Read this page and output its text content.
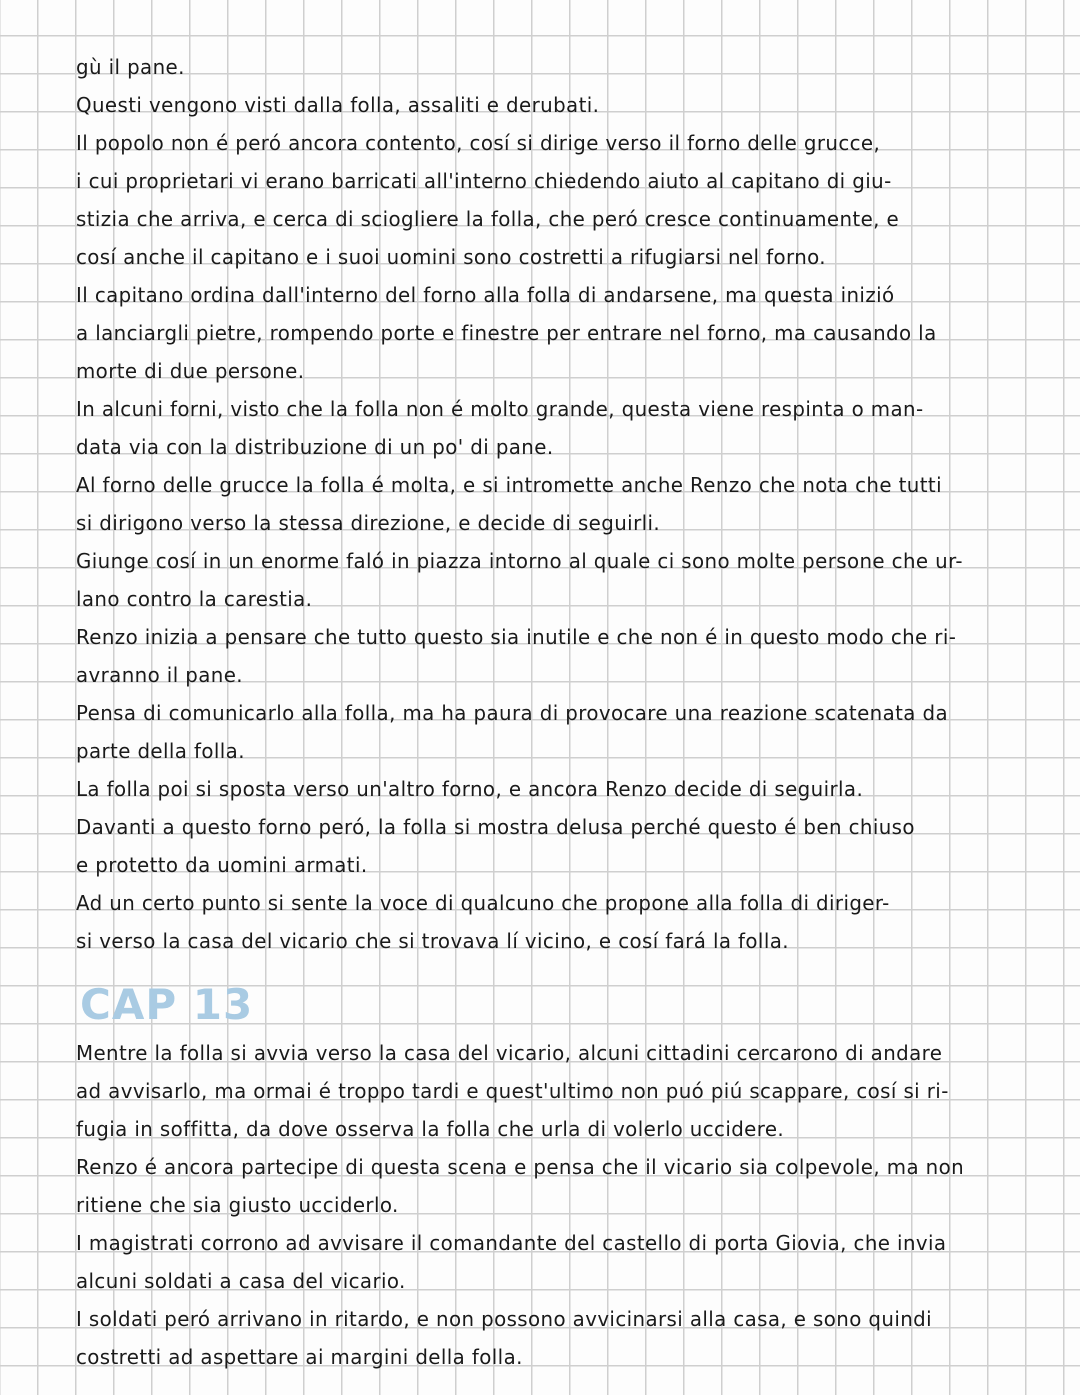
gù il pane.
Questi vengono visti dalla folla, assaliti e derubati.
Il popolo non é peró ancora contento, cosí si dirige verso il forno delle grucce,
i cui proprietari vi erano barricati all'interno chiedendo aiuto al capitano di giu-
stizia che arriva, e cerca di sciogliere la folla, che peró cresce continuamente, e
cosí anche il capitano e i suoi uomini sono costretti a rifugiarsi nel forno.
Il capitano ordina dall'interno del forno alla folla di andarsene, ma questa inizió
a lanciargli pietre, rompendo porte e finestre per entrare nel forno, ma causando la
morte di due persone.
In alcuni forni, visto che la folla non é molto grande, questa viene respinta o man-
data via con la distribuzione di un po' di pane.
Al forno delle grucce la folla é molta, e si intromette anche Renzo che nota che tutti
si dirigono verso la stessa direzione, e decide di seguirli.
Giunge cosí in un enorme faló in piazza intorno al quale ci sono molte persone che ur-
lano contro la carestia.
Renzo inizia a pensare che tutto questo sia inutile e che non é in questo modo che ri-
avranno il pane.
Pensa di comunicarlo alla folla, ma ha paura di provocare una reazione scatenata da
parte della folla.
La folla poi si sposta verso un'altro forno, e ancora Renzo decide di seguirla.
Davanti a questo forno peró, la folla si mostra delusa perché questo é ben chiuso
e protetto da uomini armati.
Ad un certo punto si sente la voce di qualcuno che propone alla folla di diriger-
si verso la casa del vicario che si trovava lí vicino, e cosí fará la folla.
CAP 13
Mentre la folla si avvia verso la casa del vicario, alcuni cittadini cercarono di andare
ad avvisarlo, ma ormai é troppo tardi e quest'ultimo non puó piú scappare, cosí si ri-
fugia in soffitta, da dove osserva la folla che urla di volerlo uccidere.
Renzo é ancora partecipe di questa scena e pensa che il vicario sia colpevole, ma non
ritiene che sia giusto ucciderlo.
I magistrati corrono ad avvisare il comandante del castello di porta Giovia, che invia
alcuni soldati a casa del vicario.
I soldati peró arrivano in ritardo, e non possono avvicinarsi alla casa, e sono quindi
costretti ad aspettare ai margini della folla.
